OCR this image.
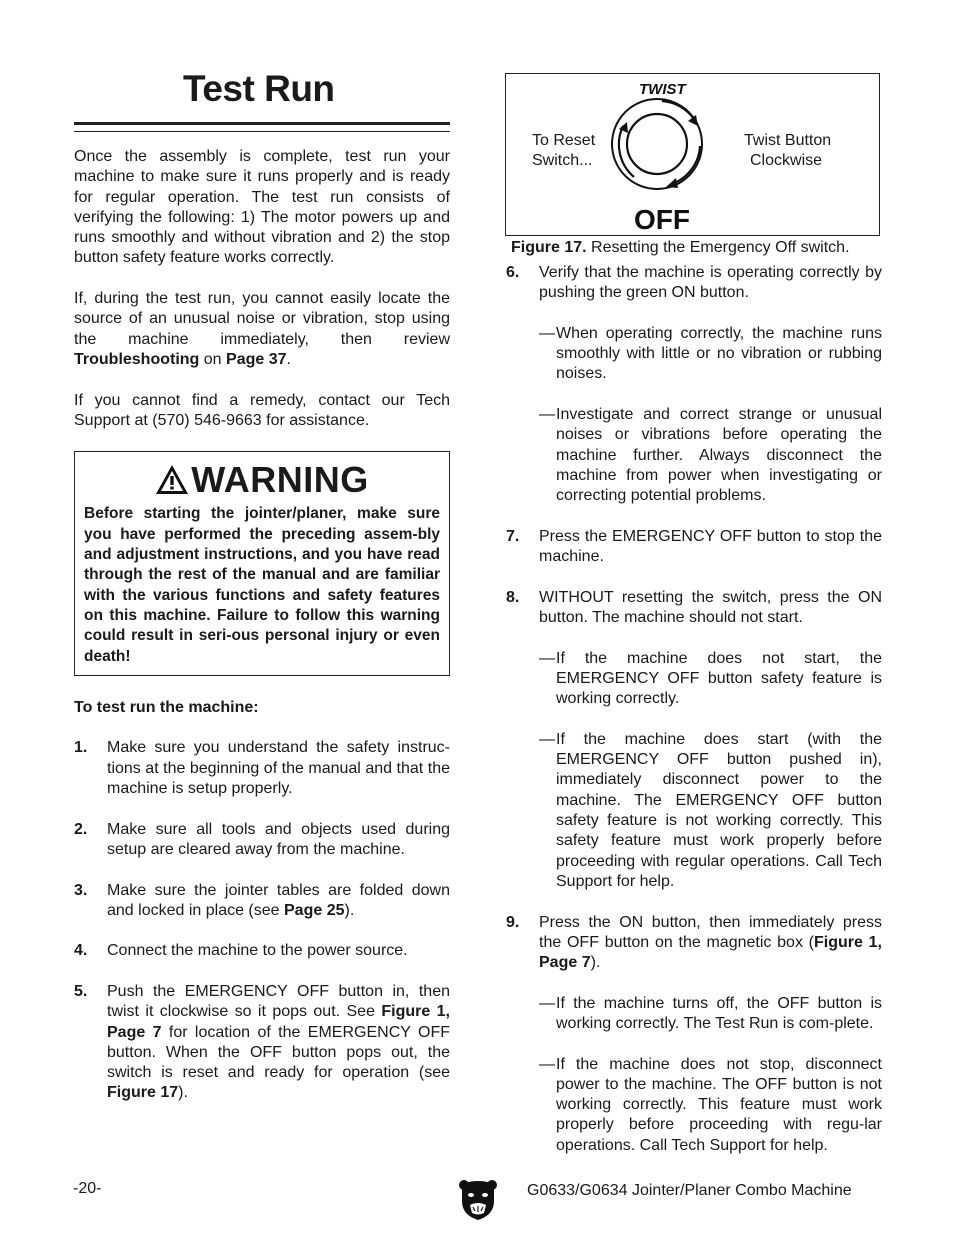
Test Run

Once the assembly is complete, test run your machine to make sure it runs properly and is ready for regular operation. The test run consists of verifying the following: 1) The motor powers up and runs smoothly and without vibration and 2) the stop button safety feature works correctly.

If, during the test run, you cannot easily locate the source of an unusual noise or vibration, stop using the machine immediately, then review Troubleshooting on Page 37.

If you cannot find a remedy, contact our Tech Support at (570) 546-9663 for assistance.

WARNING
Before starting the jointer/planer, make sure you have performed the preceding assem-bly and adjustment instructions, and you have read through the rest of the manual and are familiar with the various functions and safety features on this machine. Failure to follow this warning could result in seri-ous personal injury or even death!
To test run the machine:
1. Make sure you understand the safety instruc-tions at the beginning of the manual and that the machine is setup properly.
2. Make sure all tools and objects used during setup are cleared away from the machine.
3. Make sure the jointer tables are folded down and locked in place (see Page 25).
4. Connect the machine to the power source.
5. Push the EMERGENCY OFF button in, then twist it clockwise so it pops out. See Figure 1, Page 7 for location of the EMERGENCY OFF button. When the OFF button pops out, the switch is reset and ready for operation (see Figure 17).
TWIST
OFF
To Reset
Switch...
Twist Button
Clockwise
Figure 17. Resetting the Emergency Off switch.
6. Verify that the machine is operating correctly by pushing the green ON button.
— When operating correctly, the machine runs smoothly with little or no vibration or rubbing noises.
— Investigate and correct strange or unusual noises or vibrations before operating the machine further. Always disconnect the machine from power when investigating or correcting potential problems.
7. Press the EMERGENCY OFF button to stop the machine.
8. WITHOUT resetting the switch, press the ON button. The machine should not start.
— If the machine does not start, the EMERGENCY OFF button safety feature is working correctly.
— If the machine does start (with the EMERGENCY OFF button pushed in), immediately disconnect power to the machine. The EMERGENCY OFF button safety feature is not working correctly. This safety feature must work properly before proceeding with regular operations. Call Tech Support for help.
9. Press the ON button, then immediately press the OFF button on the magnetic box (Figure 1, Page 7).
— If the machine turns off, the OFF button is working correctly. The Test Run is com-plete.
— If the machine does not stop, disconnect power to the machine. The OFF button is not working correctly. This feature must work properly before proceeding with regu-lar operations. Call Tech Support for help.
-20-	G0633/G0634 Jointer/Planer Combo Machine
